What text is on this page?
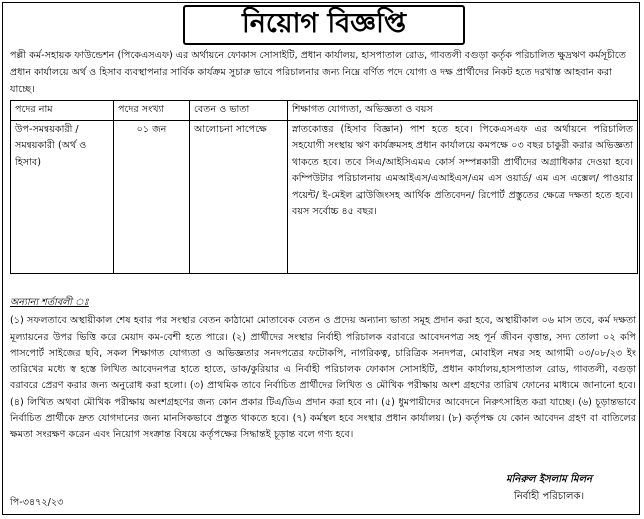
নিয়োগ বিজ্ঞপ্তি
পল্লী কর্ম-সহায়ক ফাউন্ডেশন (পিকেএসএফ) এর অর্থায়নে ফোকাস সোসাইটি, প্রধান কার্যালয়, হাসপাতাল রোড, গাবতলী বগুড়া কর্তৃক পরিচালিত ক্ষুদ্রঋণ কর্মসূচীতে প্রধান কার্যালয়ে অর্থ ও হিসাব ব্যবস্থাপনার সার্বিক কার্যক্রম সুচারু ভাবে পরিচালনার জন্য নিম্নে বর্ণিত পদে যোগ্য ও দক্ষ প্রার্থীদের নিকট হতে দরখাস্ত আহবান করা যাচ্ছে।
পদের নাম	পদের সংখ্যা	বেতন ও ভাতা	শিক্ষাগত যোগ্যতা, অভিজ্ঞতা ও বয়স
উপ-সমন্বয়কারী /সমন্বয়কারী (অর্থ ও হিসাব)	০১ জন	আলোচনা সাপেক্ষে	স্নাতকোত্তর (হিসাব বিজ্ঞান) পাশ হতে হবে। পিকেএসএফ এর অর্থায়নে পরিচালিত সহযোগী সংস্থায় ঋণ কার্যক্রমসহ প্রধান কার্যালয়ে কমপক্ষে ০৩ বছর চাকুরী করার অভিজ্ঞতা থাকতে হবে। তবে সিএ/আইসিএমএ কোর্স সম্পন্নকারী প্রার্থীদের অগ্রাধিকার দেওয়া হবে। কম্পিউটার পরিচালনায় এমআইএস/এআইএস/এম এস ওয়ার্ড/ এম এস এক্সেল/ পাওয়ার পয়েন্ট/ ই-মেইল ব্রাউজিংসহ আর্থিক প্রতিবেদন/ রিপোর্ট প্রস্তুতের ক্ষেত্রে দক্ষতা হতে হবে। বয়স সর্বোচ্চ ৪৫ বছর।
অন্যান্য শর্তাবলী ঃ
(১) সফলতাবে অস্থায়ীকাল শেষ হবার পর সংস্থার বেতন কাঠামো মোতাবেক বেতন ও প্রদেয় অন্যান্য ভাতা সমূহ প্রদান করা হবে, অস্থায়ীকাল ০৬ মাস তবে, কর্ম দক্ষতা মূল্যায়নের উপর ভিত্তি করে মেয়াদ কম-বেশী হতে পারে। (২) প্রার্থীদের সংস্থার নির্বাহী পরিচালক বরাবরে আবেদনপত্র সহ পূর্ন জীবন বৃত্তান্ত, সদ্য তোলা ০২ কপি পাসপোর্ট সাইজের ছবি, সকল শিক্ষাগত যোগ্যতা ও অভিজ্ঞতার সনদপত্রের ফটোকপি, নাগরিকত্ব, চারিত্রিক সনদপত্র, মোবাইল নম্বর সহ আগামী ০৩/০৮/২৩ ইং তারিখের মধ্যে স্ব হস্তে লিখিত আবেদনপত্র হাতে হাতে, ডাক/কুরিয়ার এ নির্বাহী পরিচালক ফোকাস সোসাইটি, প্রধান কার্যালয়,হাসপাতাল রোড, গাবতলী, বগুড়া বরাবরে প্রেরণ করার জন্য অনুরোধ করা হলো। (৩) প্রাথমিক তাবে নির্বাচিত প্রার্থীদের লিখিত ও মৌখিক পরীক্ষায় অংশ গ্রহণের তারিখ ফোনের মাধ্যমে জানানো হবে। (৪) লিখিত অথবা মৌখিক পরীক্ষায় অংশগ্রহণের জন্য কোন প্রকার টিএ/ডিএ প্রদান করা হবে না। (৫) ধুমপায়ীদের আবেদনে নিরুৎসাহিত করা যাচ্ছে। (৬) চূড়ান্তভাবে নির্বাচিত প্রার্থীকে দ্রুত যোগদানের জন্য মানসিকভাবে প্রস্তুত থাকতে হবে। (৭) কর্মস্থল হবে সংস্থার প্রধান কার্যালয়। (৮) কর্তৃপক্ষ যে কোন আবেদন গ্রহণ বা বাতিলের ক্ষমতা সংরক্ষণ করেন এবং নিয়োগ সংক্রান্ত বিষয়ে কর্তৃপক্ষের সিদ্ধান্তই চূড়ান্ত বলে গণ্য হবে।
মনিরুল ইসলাম মিলন
নির্বাহী পরিচালক।
পি-৩৪৭২/২৩
